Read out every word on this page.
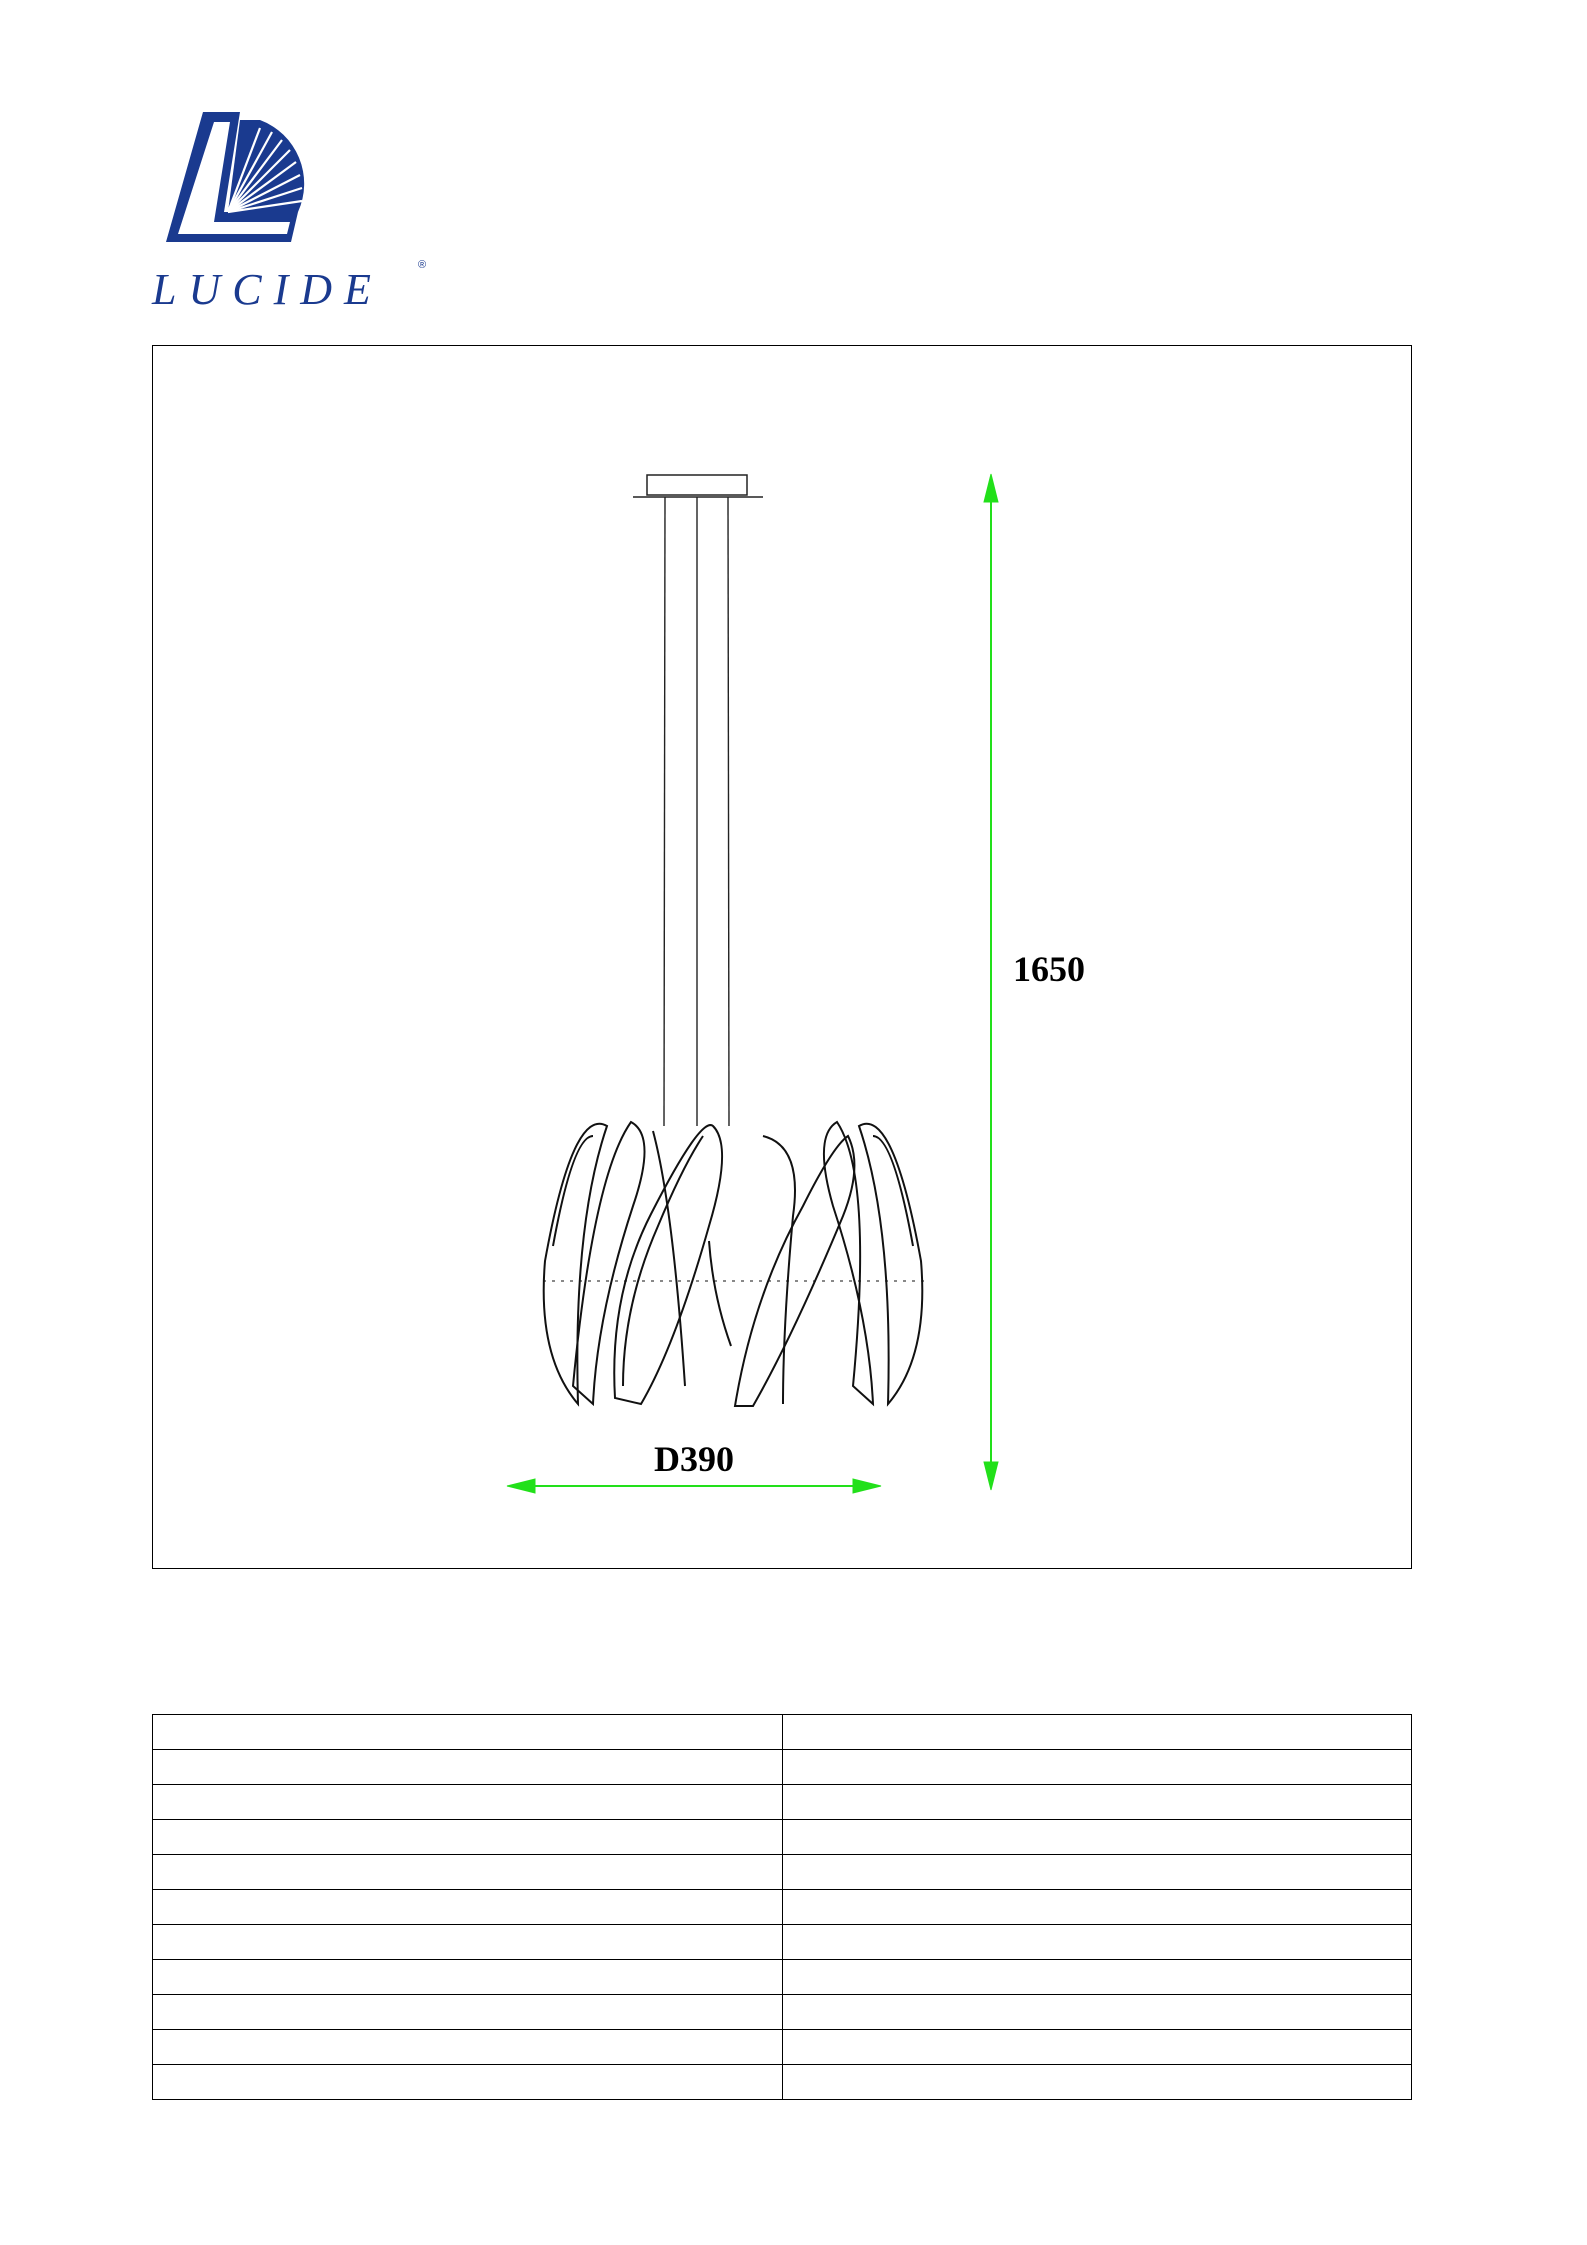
LUCIDE	®
1650
D390
